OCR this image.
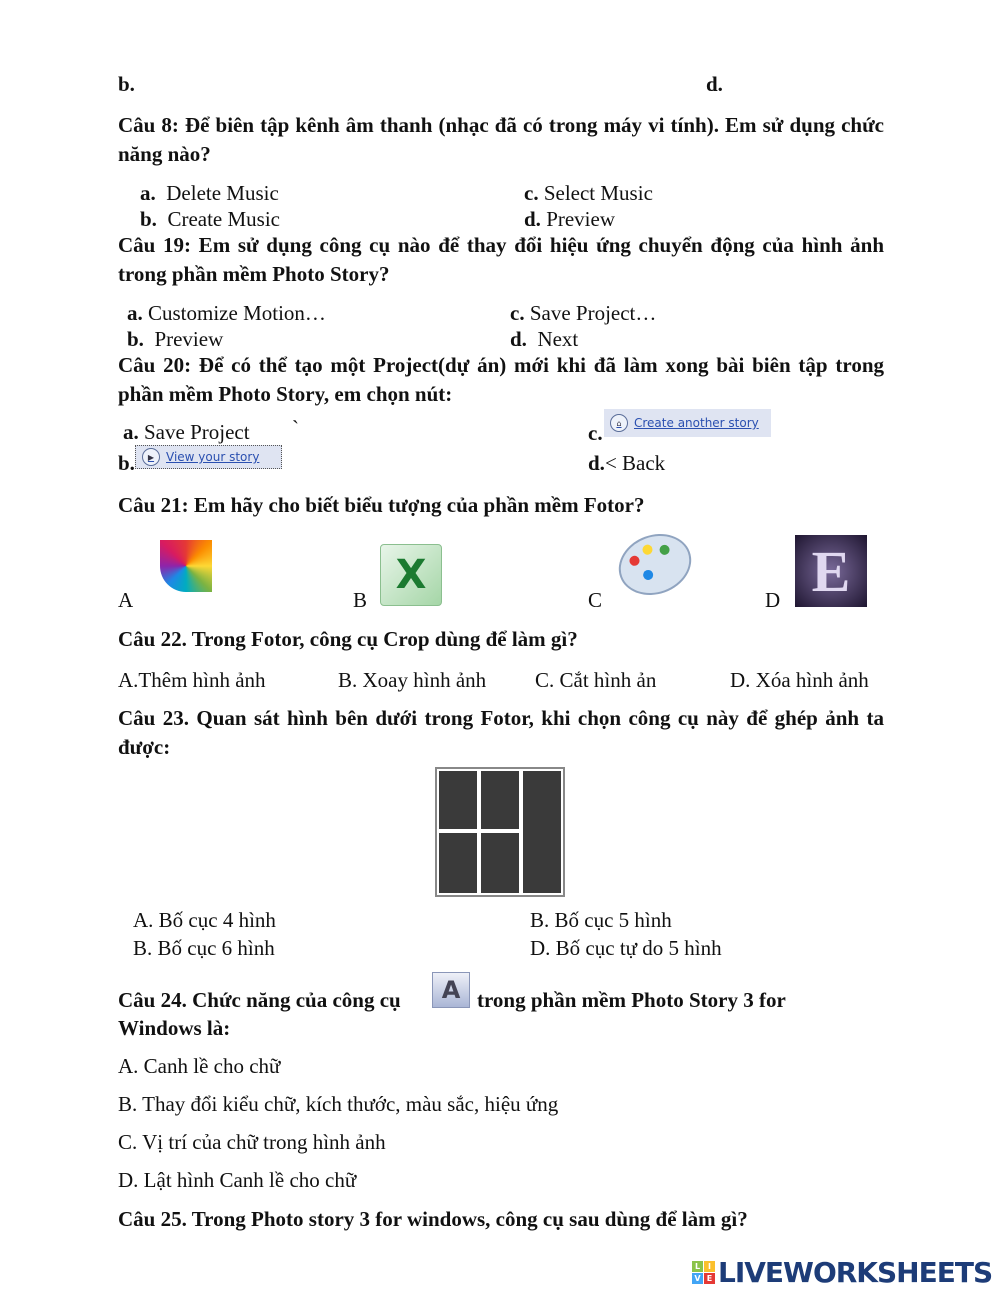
b.	d.
Câu 8: Để biên tập kênh âm thanh (nhạc đã có trong máy vi tính). Em sử dụng chức năng nào?
a. Delete Music
b. Create Music
c. Select Music
d. Preview
Câu 19: Em sử dụng công cụ nào để thay đổi hiệu ứng chuyển động của hình ảnh trong phần mềm Photo Story?
a. Customize Motion…
b. Preview
c. Save Project…
d. Next
Câu 20: Để có thể tạo một Project(dự án) mới khi đã làm xong bài biên tập trong phần mềm Photo Story, em chọn nút:
a. Save Project `
b.	▶ View your story
c.	⌂	Create another story
d.< Back
Câu 21: Em hãy cho biết biểu tượng của phần mềm Fotor?
A	B
X
C	D E
Câu 22. Trong Fotor, công cụ Crop dùng để làm gì?
A.Thêm hình ảnh	B. Xoay hình ảnh C. Cắt hình ản	D. Xóa hình ảnh
Câu 23. Quan sát hình bên dưới trong Fotor, khi chọn công cụ này để ghép ảnh ta được:
A. Bố cục 4 hình
B. Bố cục 6 hình
B. Bố cục 5 hình
D. Bố cục tự do 5 hình
Câu 24. Chức năng của công cụ	A trong phần mềm Photo Story 3 for
Windows là:
A. Canh lề cho chữ
B. Thay đổi kiểu chữ, kích thước, màu sắc, hiệu ứng
C. Vị trí của chữ trong hình ảnh
D. Lật hình Canh lề cho chữ
Câu 25. Trong Photo story 3 for windows, công cụ sau dùng để làm gì?
L I
V E LIVEWORKSHEETS
